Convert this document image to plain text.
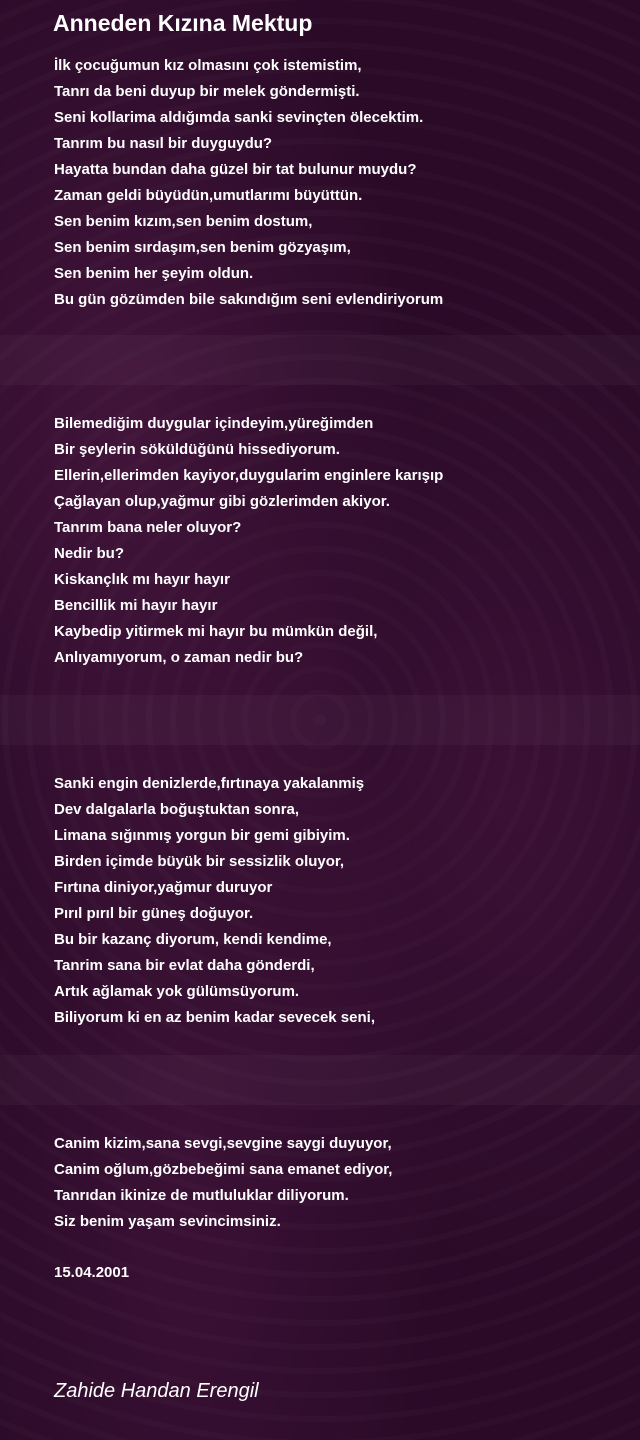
Anneden Kızına Mektup
İlk çocuğumun kız olmasını çok istemistim,
Tanrı da beni duyup bir melek göndermişti.
Seni kollarima aldığımda sanki sevinçten ölecektim.
Tanrım bu nasıl bir duyguydu?
Hayatta bundan daha güzel bir tat bulunur muydu?
Zaman geldi büyüdün,umutlarımı büyüttün.
Sen benim kızım,sen benim dostum,
Sen benim sırdaşım,sen benim gözyaşım,
Sen benim her şeyim oldun.
Bu gün gözümden bile sakındığım seni evlendiriyorum
Bilemediğim duygular içindeyim,yüreğimden
Bir şeylerin söküldüğünü hissediyorum.
Ellerin,ellerimden kayiyor,duygularim enginlere karışıp
Çağlayan olup,yağmur gibi gözlerimden akiyor.
Tanrım bana neler oluyor?
Nedir bu?
Kiskançlık mı hayır hayır
Bencillik mi hayır hayır
Kaybedip yitirmek mi hayır bu mümkün değil,
Anlıyamıyorum, o zaman nedir bu?
Sanki engin denizlerde,fırtınaya yakalanmiş
Dev dalgalarla boğuştuktan sonra,
Limana sığınmış yorgun bir gemi gibiyim.
Birden içimde büyük bir sessizlik oluyor,
Fırtına diniyor,yağmur duruyor
Pırıl pırıl bir güneş doğuyor.
Bu bir kazanç diyorum, kendi kendime,
Tanrim sana bir evlat daha gönderdi,
Artık ağlamak yok gülümsüyorum.
Biliyorum ki en az benim kadar sevecek seni,
Canim kizim,sana sevgi,sevgine saygi duyuyor,
Canim oğlum,gözbebeğimi sana emanet ediyor,
Tanrıdan ikinize de mutluluklar diliyorum.
Siz benim yaşam sevincimsiniz.
15.04.2001
Zahide Handan Erengil
